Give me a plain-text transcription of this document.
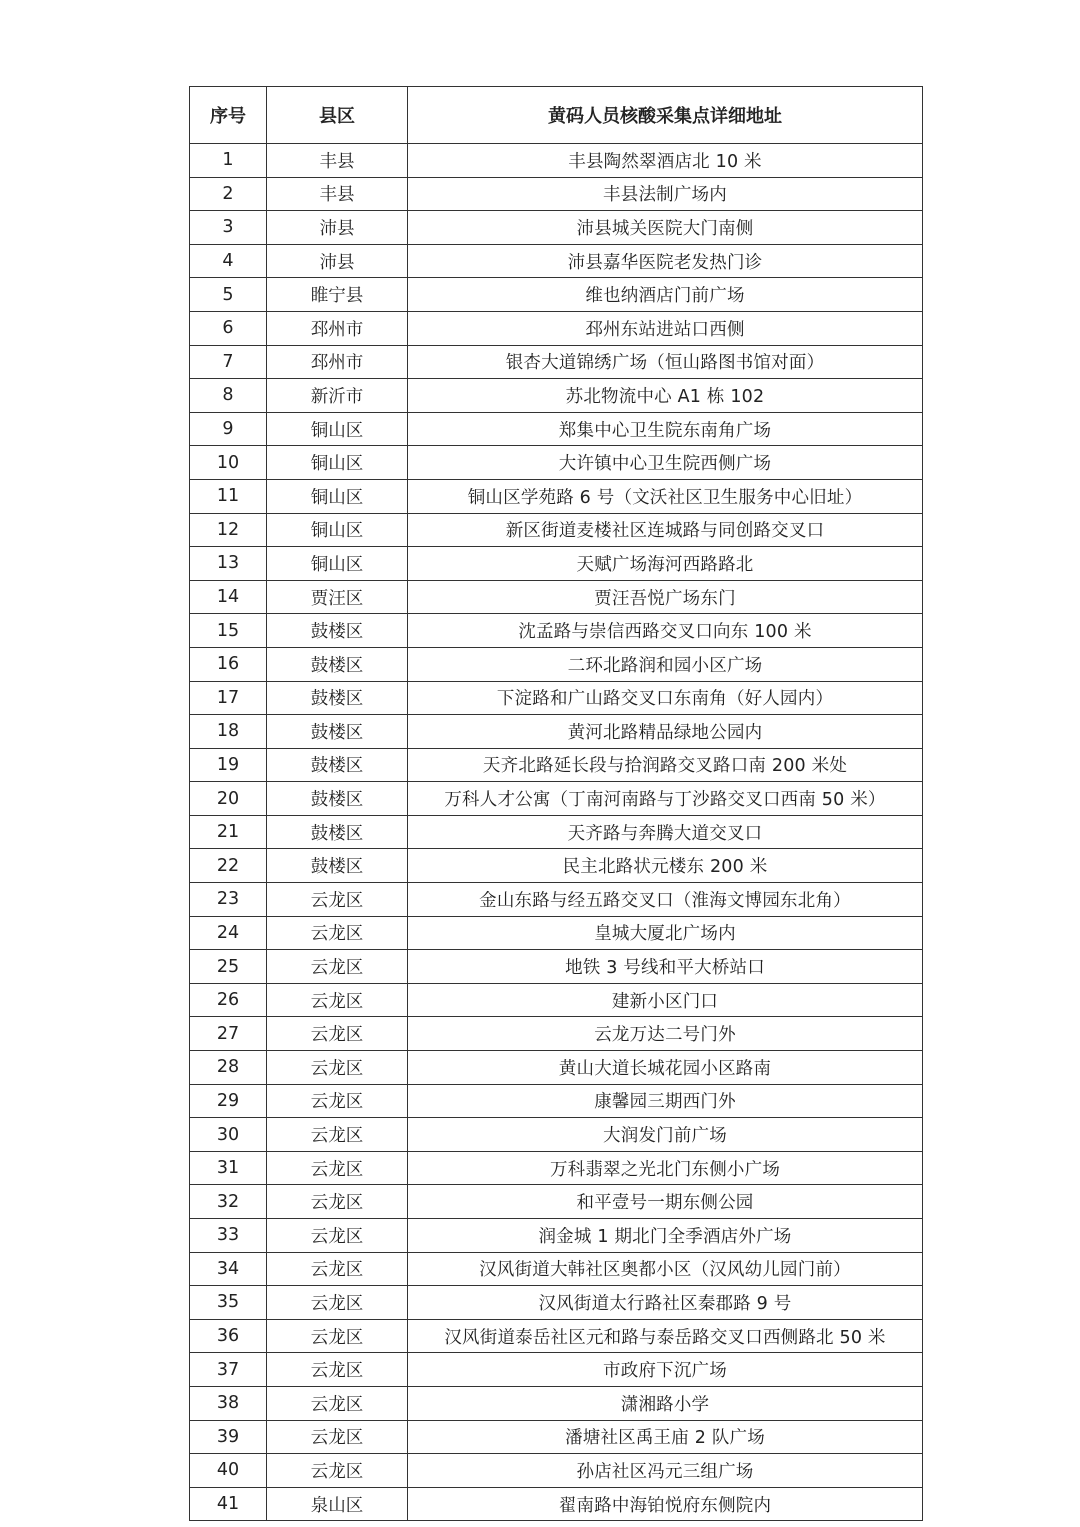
序号	县区	黄码人员核酸采集点详细地址
1	丰县	丰县陶然翠酒店北 10 米
2	丰县	丰县法制广场内
3	沛县	沛县城关医院大门南侧
4	沛县	沛县嘉华医院老发热门诊
5	睢宁县	维也纳酒店门前广场
6	邳州市	邳州东站进站口西侧
7	邳州市	银杏大道锦绣广场（恒山路图书馆对面）
8	新沂市	苏北物流中心 A1 栋 102
9	铜山区	郑集中心卫生院东南角广场
10	铜山区	大许镇中心卫生院西侧广场
11	铜山区	铜山区学苑路 6 号（文沃社区卫生服务中心旧址）
12	铜山区	新区街道麦楼社区连城路与同创路交叉口
13	铜山区	天赋广场海河西路路北
14	贾汪区	贾汪吾悦广场东门
15	鼓楼区	沈孟路与崇信西路交叉口向东 100 米
16	鼓楼区	二环北路润和园小区广场
17	鼓楼区	下淀路和广山路交叉口东南角（好人园内）
18	鼓楼区	黄河北路精品绿地公园内
19	鼓楼区	天齐北路延长段与拾润路交叉路口南 200 米处
20	鼓楼区	万科人才公寓（丁南河南路与丁沙路交叉口西南 50 米）
21	鼓楼区	天齐路与奔腾大道交叉口
22	鼓楼区	民主北路状元楼东 200 米
23	云龙区	金山东路与经五路交叉口（淮海文博园东北角）
24	云龙区	皇城大厦北广场内
25	云龙区	地铁 3 号线和平大桥站口
26	云龙区	建新小区门口
27	云龙区	云龙万达二号门外
28	云龙区	黄山大道长城花园小区路南
29	云龙区	康馨园三期西门外
30	云龙区	大润发门前广场
31	云龙区	万科翡翠之光北门东侧小广场
32	云龙区	和平壹号一期东侧公园
33	云龙区	润金城 1 期北门全季酒店外广场
34	云龙区	汉风街道大韩社区奥都小区（汉风幼儿园门前）
35	云龙区	汉风街道太行路社区秦郡路 9 号
36	云龙区	汉风街道泰岳社区元和路与泰岳路交叉口西侧路北 50 米
37	云龙区	市政府下沉广场
38	云龙区	潇湘路小学
39	云龙区	潘塘社区禹王庙 2 队广场
40	云龙区	孙店社区冯元三组广场
41	泉山区	翟南路中海铂悦府东侧院内
